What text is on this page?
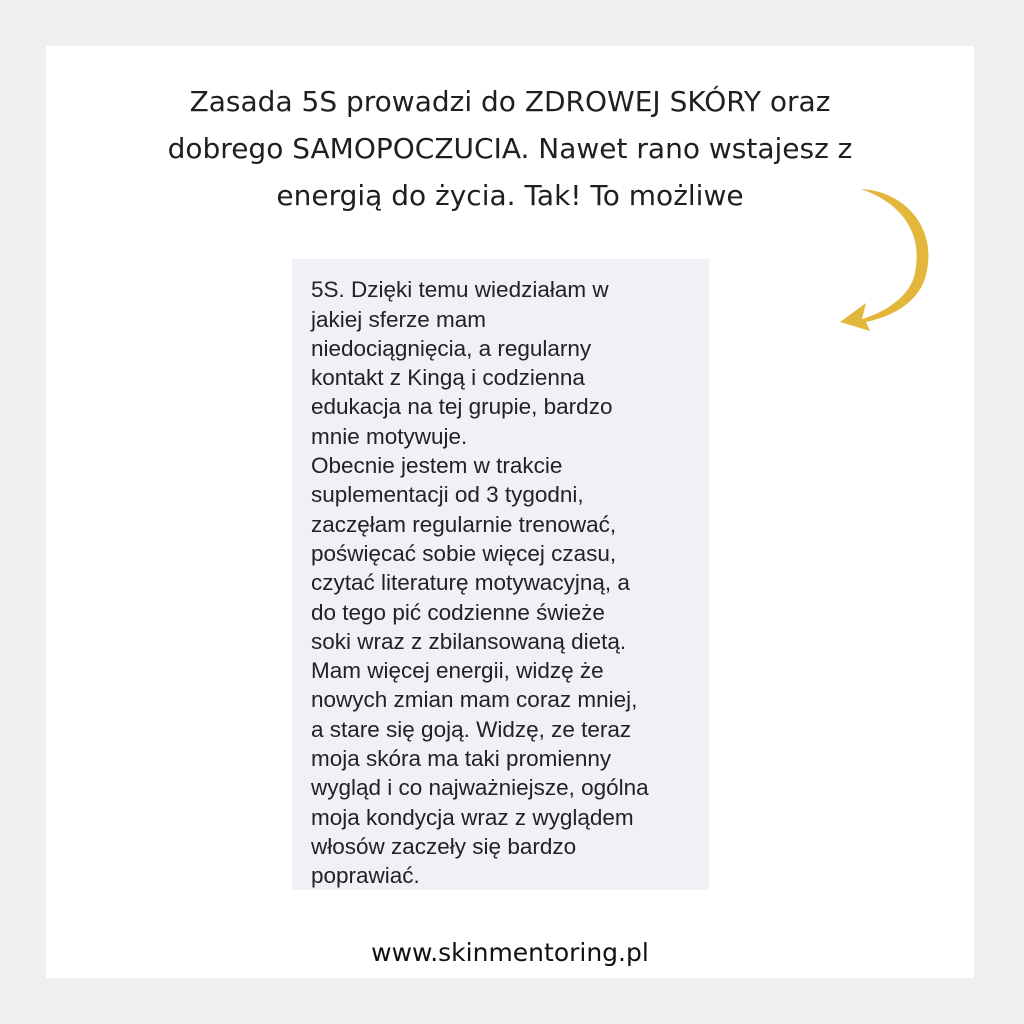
Zasada 5S prowadzi do ZDROWEJ SKÓRY oraz
dobrego SAMOPOCZUCIA. Nawet rano wstajesz z
energią do życia. Tak! To możliwe

5S. Dzięki temu wiedziałam w
jakiej sferze mam
niedociągnięcia, a regularny
kontakt z Kingą i codzienna
edukacja na tej grupie, bardzo
mnie motywuje.
Obecnie jestem w trakcie
suplementacji od 3 tygodni,
zaczęłam regularnie trenować,
poświęcać sobie więcej czasu,
czytać literaturę motywacyjną, a
do tego pić codzienne świeże
soki wraz z zbilansowaną dietą.
Mam więcej energii, widzę że
nowych zmian mam coraz mniej,
a stare się goją. Widzę, ze teraz
moja skóra ma taki promienny
wygląd i co najważniejsze, ogólna
moja kondycja wraz z wyglądem
włosów zaczeły się bardzo
poprawiać.

www.skinmentoring.pl
